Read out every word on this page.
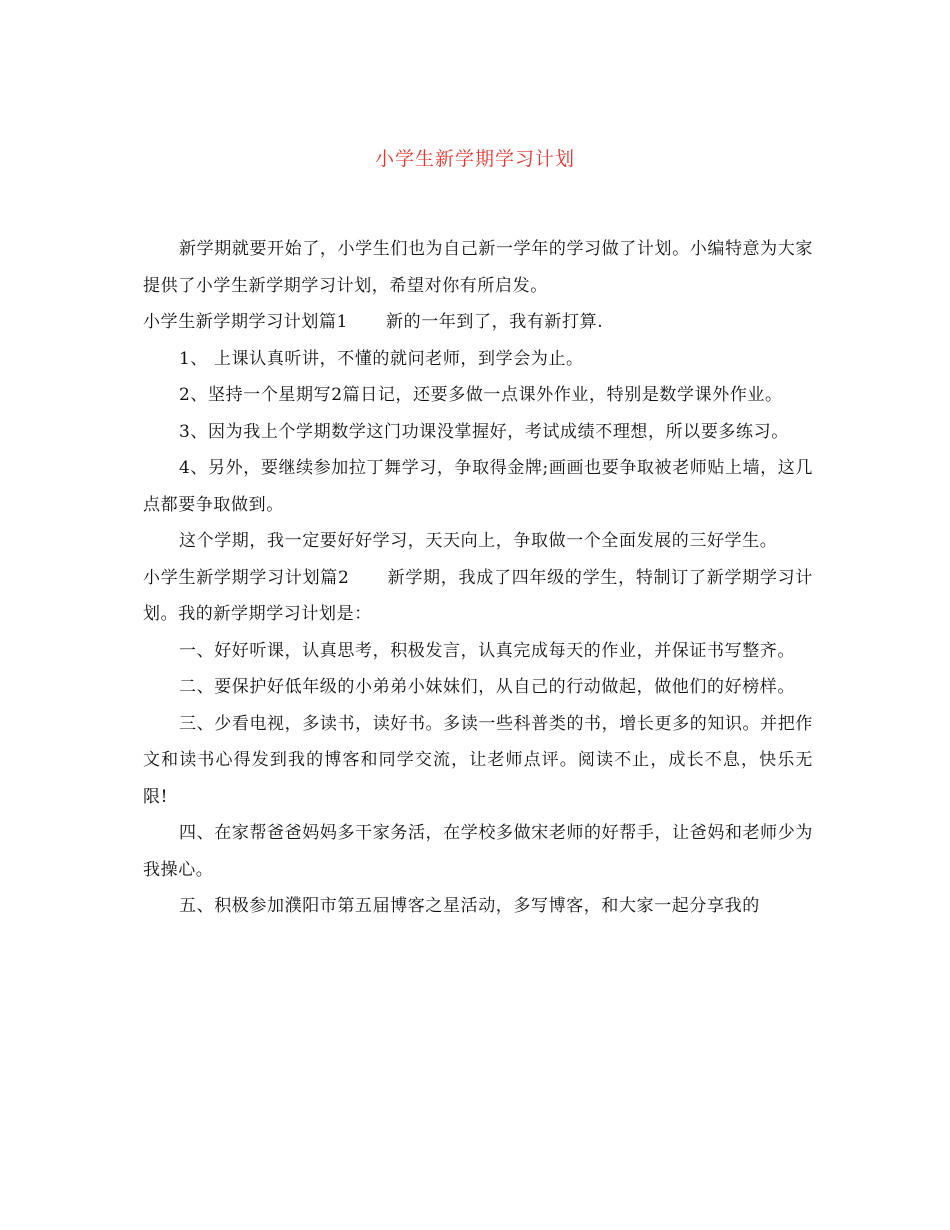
小学生新学期学习计划

新学期就要开始了，小学生们也为自己新一学年的学习做了计划。小编特意为大家提供了小学生新学期学习计划，希望对你有所启发。

小学生新学期学习计划篇1 新的一年到了，我有新打算.

1、 上课认真听讲，不懂的就问老师，到学会为止。

2、坚持一个星期写2篇日记，还要多做一点课外作业，特别是数学课外作业。

3、因为我上个学期数学这门功课没掌握好，考试成绩不理想，所以要多练习。

4、另外，要继续参加拉丁舞学习，争取得金牌;画画也要争取被老师贴上墙，这几点都要争取做到。

这个学期，我一定要好好学习，天天向上，争取做一个全面发展的三好学生。

小学生新学期学习计划篇2 新学期，我成了四年级的学生，特制订了新学期学习计划。我的新学期学习计划是：

一、好好听课，认真思考，积极发言，认真完成每天的作业，并保证书写整齐。

二、要保护好低年级的小弟弟小妹妹们，从自己的行动做起，做他们的好榜样。

三、少看电视，多读书，读好书。多读一些科普类的书，增长更多的知识。并把作文和读书心得发到我的博客和同学交流，让老师点评。阅读不止，成长不息，快乐无限!

四、在家帮爸爸妈妈多干家务活，在学校多做宋老师的好帮手，让爸妈和老师少为我操心。

五、积极参加濮阳市第五届博客之星活动，多写博客，和大家一起分享我的
